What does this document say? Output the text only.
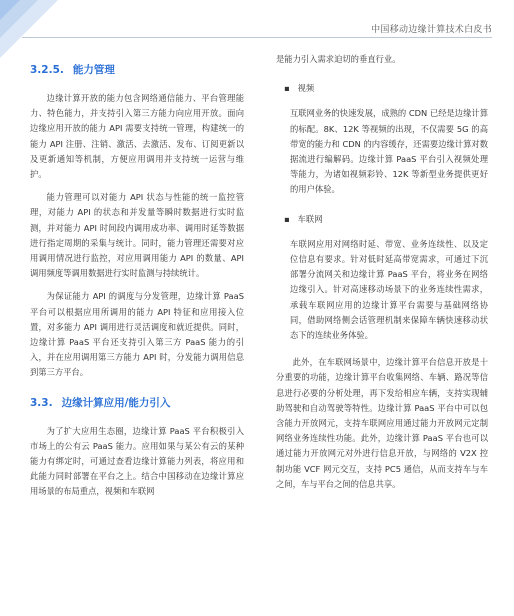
中国移动边缘计算技术白皮书
3.2.5. 能力管理

边缘计算开放的能力包含网络通信能力、平台管理能力、特色能力，并支持引入第三方能力向应用开放。面向边缘应用开放的能力 API 需要支持统一管理，构建统一的能力 API 注册、注销、激活、去激活、发布、订阅更新以及更新通知等机制，方便应用调用并支持统一运营与维护。

能力管理可以对能力 API 状态与性能的统一监控管理，对能力 API 的状态和并发量等瞬时数据进行实时监测，并对能力 API 时间段内调用成功率、调用时延等数据进行指定周期的采集与统计。同时，能力管理还需要对应用调用情况进行监控，对应用调用能力 API 的数量、API 调用频度等调用数据进行实时监测与持续统计。

为保证能力 API 的调度与分发管理，边缘计算 PaaS 平台可以根据应用所调用的能力 API 特征和应用接入位置，对多能力 API 调用进行灵活调度和就近提供。同时，边缘计算 PaaS 平台还支持引入第三方 PaaS 能力的引入，并在应用调用第三方能力 API 时，分发能力调用信息到第三方平台。

3.3. 边缘计算应用/能力引入

为了扩大应用生态圈，边缘计算 PaaS 平台积极引入市场上的公有云 PaaS 能力。应用如果与某公有云的某种能力有绑定时，可通过查看边缘计算能力列表，将应用和此能力同时部署在平台之上。结合中国移动在边缘计算应用场景的布局重点，视频和车联网

是能力引入需求迫切的垂直行业。

▪ 视频

互联网业务的快速发展，成熟的 CDN 已经是边缘计算的标配。8K、12K 等视频的出现，不仅需要 5G 的高带宽的能力和 CDN 的内容缓存，还需要边缘计算对数据流进行编解码。边缘计算 PaaS 平台引入视频处理等能力，为诸如视频彩铃、12K 等新型业务提供更好的用户体验。

▪ 车联网

车联网应用对网络时延、带宽、业务连续性、以及定位信息有要求。针对低时延高带宽需求，可通过下沉部署分流网关和边缘计算 PaaS 平台，将业务在网络边缘引入。针对高速移动场景下的业务连续性需求，承载车联网应用的边缘计算平台需要与基础网络协同，借助网络侧会话管理机制来保障车辆快速移动状态下的连续业务体验。

此外，在车联网场景中，边缘计算平台信息开放是十分重要的功能，边缘计算平台收集网络、车辆、路况等信息进行必要的分析处理，再下发给相应车辆，支持实现辅助驾驶和自动驾驶等特性。边缘计算 PaaS 平台中可以包含能力开放网元，支持车联网应用通过能力开放网元定制网络业务连续性功能。此外，边缘计算 PaaS 平台也可以通过能力开放网元对外进行信息开放，与网络的 V2X 控制功能 VCF 网元交互，支持 PC5 通信，从而支持车与车之间，车与平台之间的信息共享。
